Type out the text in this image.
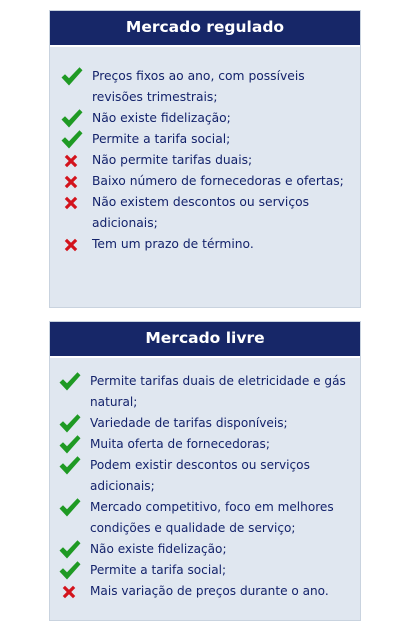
Mercado regulado
Preços fixos ao ano, com possíveis revisões trimestrais;
Não existe fidelização;
Permite a tarifa social;
Não permite tarifas duais;
Baixo número de fornecedoras e ofertas;
Não existem descontos ou serviços adicionais;
Tem um prazo de término.
Mercado livre
Permite tarifas duais de eletricidade e gás natural;
Variedade de tarifas disponíveis;
Muita oferta de fornecedoras;
Podem existir descontos ou serviços adicionais;
Mercado competitivo, foco em melhores condições e qualidade de serviço;
Não existe fidelização;
Permite a tarifa social;
Mais variação de preços durante o ano.
